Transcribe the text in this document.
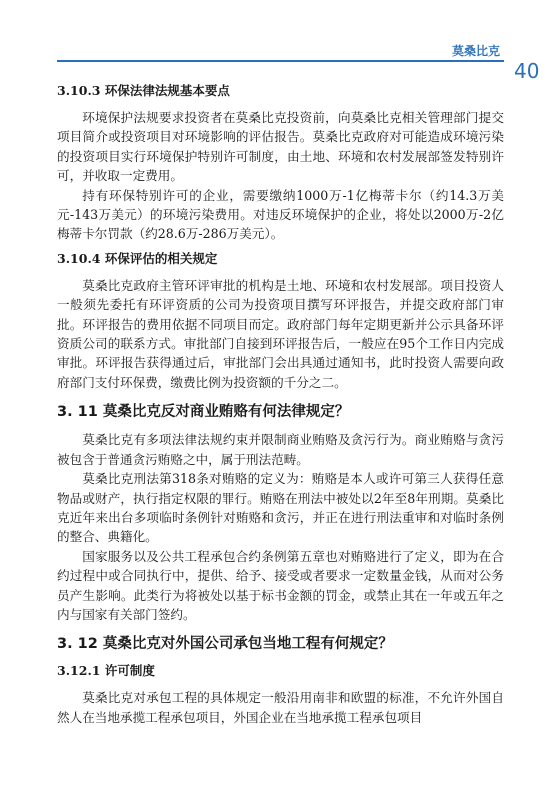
莫桑比克
40
3.10.3 环保法律法规基本要点

环境保护法规要求投资者在莫桑比克投资前，向莫桑比克相关管理部门提交项目简介或投资项目对环境影响的评估报告。莫桑比克政府对可能造成环境污染的投资项目实行环境保护特别许可制度，由土地、环境和农村发展部签发特别许可，并收取一定费用。

持有环保特别许可的企业，需要缴纳1000万-1亿梅蒂卡尔（约14.3万美元-143万美元）的环境污染费用。对违反环境保护的企业，将处以2000万-2亿梅蒂卡尔罚款（约28.6万-286万美元）。

3.10.4 环保评估的相关规定

莫桑比克政府主管环评审批的机构是土地、环境和农村发展部。项目投资人一般须先委托有环评资质的公司为投资项目撰写环评报告，并提交政府部门审批。环评报告的费用依据不同项目而定。政府部门每年定期更新并公示具备环评资质公司的联系方式。审批部门自接到环评报告后，一般应在95个工作日内完成审批。环评报告获得通过后，审批部门会出具通过通知书，此时投资人需要向政府部门支付环保费，缴费比例为投资额的千分之二。

3. 11 莫桑比克反对商业贿赂有何法律规定？

莫桑比克有多项法律法规约束并限制商业贿赂及贪污行为。商业贿赂与贪污被包含于普通贪污贿赂之中，属于刑法范畴。

莫桑比克刑法第318条对贿赂的定义为：贿赂是本人或许可第三人获得任意物品或财产，执行指定权限的罪行。贿赂在刑法中被处以2年至8年刑期。莫桑比克近年来出台多项临时条例针对贿赂和贪污，并正在进行刑法重审和对临时条例的整合、典籍化。

国家服务以及公共工程承包合约条例第五章也对贿赂进行了定义，即为在合约过程中或合同执行中，提供、给予、接受或者要求一定数量金钱，从而对公务员产生影响。此类行为将被处以基于标书金额的罚金，或禁止其在一年或五年之内与国家有关部门签约。

3. 12 莫桑比克对外国公司承包当地工程有何规定？
3.12.1 许可制度

莫桑比克对承包工程的具体规定一般沿用南非和欧盟的标准，不允许外国自然人在当地承揽工程承包项目，外国企业在当地承揽工程承包项目
